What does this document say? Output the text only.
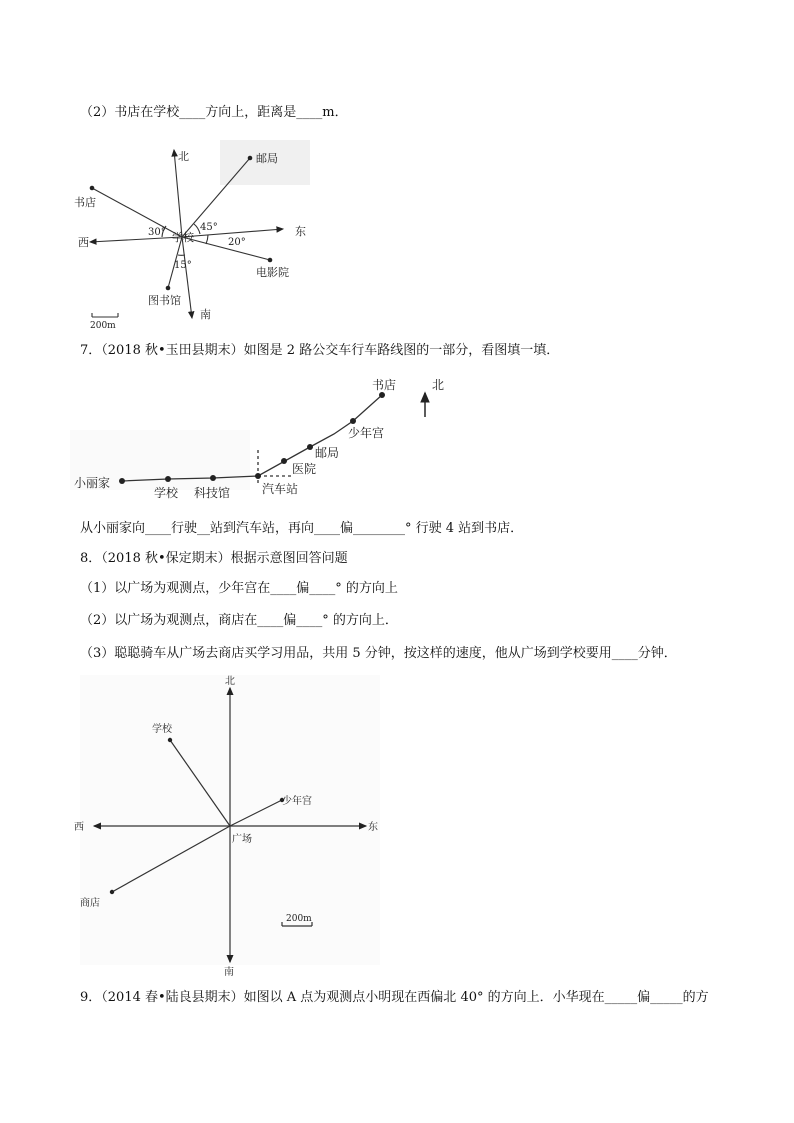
（2）书店在学校____方向上，距离是____m．
北
南
东
西	学校
邮局
书店
电影院
图书馆
30°	45°
20°
15°
200m
7．（2018 秋•玉田县期末）如图是 2 路公交车行车路线图的一部分，看图填一填．
北
小丽家
学校 科技馆	汽车站
医院
邮局
少年宫
书店
从小丽家向____行驶__站到汽车站，再向____偏________° 行驶 4 站到书店．
8．（2018 秋•保定期末）根据示意图回答问题
（1）以广场为观测点，少年宫在____偏____° 的方向上
（2）以广场为观测点，商店在____偏____° 的方向上．
（3）聪聪骑车从广场去商店买学习用品，共用 5 分钟，按这样的速度，他从广场到学校要用____分钟．
北
南
东
西
广场
学校
少年宫
商店
200m
9．（2014 春•陆良县期末）如图以 A 点为观测点小明现在西偏北 40° 的方向上．小华现在_____偏_____的方
